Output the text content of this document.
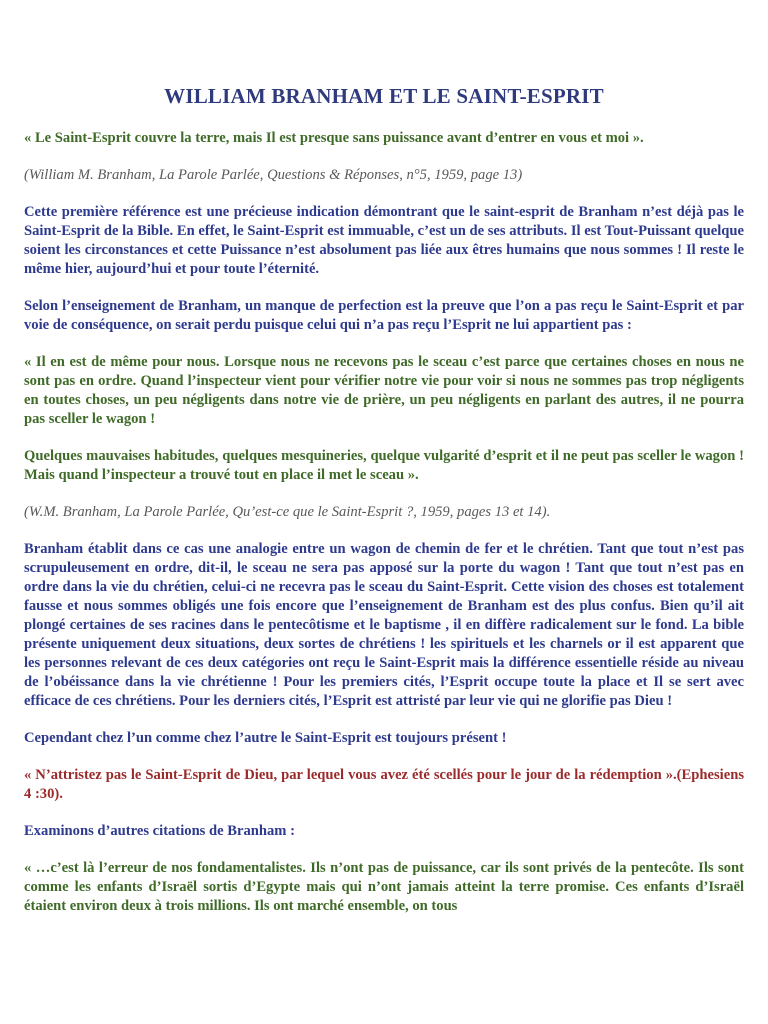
WILLIAM BRANHAM ET LE SAINT-ESPRIT

« Le Saint-Esprit couvre la terre, mais Il est presque sans puissance avant d’entrer en vous et moi ».

(William M. Branham, La Parole Parlée, Questions & Réponses, n°5, 1959, page 13)

Cette première référence est une précieuse indication démontrant que le saint-esprit de Branham n’est déjà pas le Saint-Esprit de la Bible. En effet, le Saint-Esprit est immuable, c’est un de ses attributs. Il est Tout-Puissant quelque soient les circonstances et cette Puissance n’est absolument pas liée aux êtres humains que nous sommes ! Il reste le même hier, aujourd’hui et pour toute l’éternité.

Selon l’enseignement de Branham, un manque de perfection est la preuve que l’on a pas reçu le Saint-Esprit et par voie de conséquence, on serait perdu puisque celui qui n’a pas reçu l’Esprit ne lui appartient pas :

« Il en est de même pour nous. Lorsque nous ne recevons pas le sceau c’est parce que certaines choses en nous ne sont pas en ordre. Quand l’inspecteur vient pour vérifier notre vie pour voir si nous ne sommes pas trop négligents en toutes choses, un peu négligents dans notre vie de prière, un peu négligents en parlant des autres, il ne pourra pas sceller le wagon !

Quelques mauvaises habitudes, quelques mesquineries, quelque vulgarité d’esprit et il ne peut pas sceller le wagon ! Mais quand l’inspecteur a trouvé tout en place il met le sceau ».

(W.M. Branham, La Parole Parlée, Qu’est-ce que le Saint-Esprit ?, 1959, pages 13 et 14).

Branham établit dans ce cas une analogie entre un wagon de chemin de fer et le chrétien. Tant que tout n’est pas scrupuleusement en ordre, dit-il, le sceau ne sera pas apposé sur la porte du wagon ! Tant que tout n’est pas en ordre dans la vie du chrétien, celui-ci ne recevra pas le sceau du Saint-Esprit. Cette vision des choses est totalement fausse et nous sommes obligés une fois encore que l’enseignement de Branham est des plus confus. Bien qu’il ait plongé certaines de ses racines dans le pentecôtisme et le baptisme , il en diffère radicalement sur le fond. La bible présente uniquement deux situations, deux sortes de chrétiens ! les spirituels et les charnels or il est apparent que les personnes relevant de ces deux catégories ont reçu le Saint-Esprit mais la différence essentielle réside au niveau de l’obéissance dans la vie chrétienne ! Pour les premiers cités, l’Esprit occupe toute la place et Il se sert avec efficace de ces chrétiens. Pour les derniers cités, l’Esprit est attristé par leur vie qui ne glorifie pas Dieu !

Cependant chez l’un comme chez l’autre le Saint-Esprit est toujours présent !

« N’attristez pas le Saint-Esprit de Dieu, par lequel vous avez été scellés pour le jour de la rédemption ».(Ephesiens 4 :30).

Examinons d’autres citations de Branham :

« …c’est là l’erreur de nos fondamentalistes. Ils n’ont pas de puissance, car ils sont privés de la pentecôte. Ils sont comme les enfants d’Israël sortis d’Egypte mais qui n’ont jamais atteint la terre promise. Ces enfants d’Israël étaient environ deux à trois millions. Ils ont marché ensemble, on tous
